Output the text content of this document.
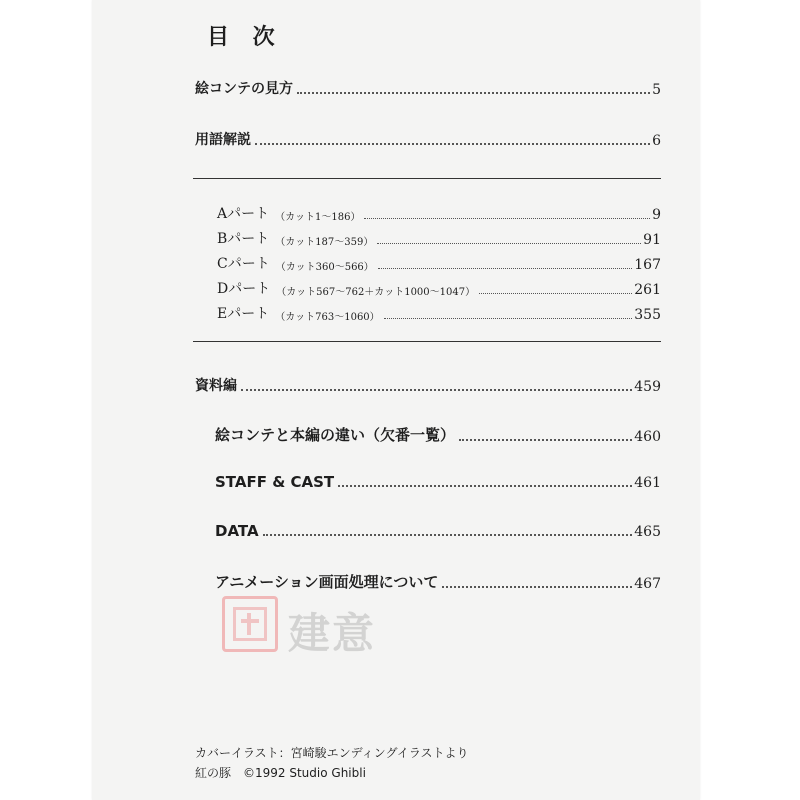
目 次
絵コンテの見方	5
用語解説	6
Aパート （カット1〜186）	9
Bパート （カット187〜359）	91
Cパート （カット360〜566）	167
Dパート （カット567〜762＋カット1000〜1047）	261
Eパート （カット763〜1060）	355
資料編	459
絵コンテと本編の違い（欠番一覧）	460
STAFF & CAST	461
DATA	465
アニメーション画面処理について	467
カバーイラスト：宮崎駿エンディングイラストより
紅の豚　©1992 Studio Ghibli
建意
